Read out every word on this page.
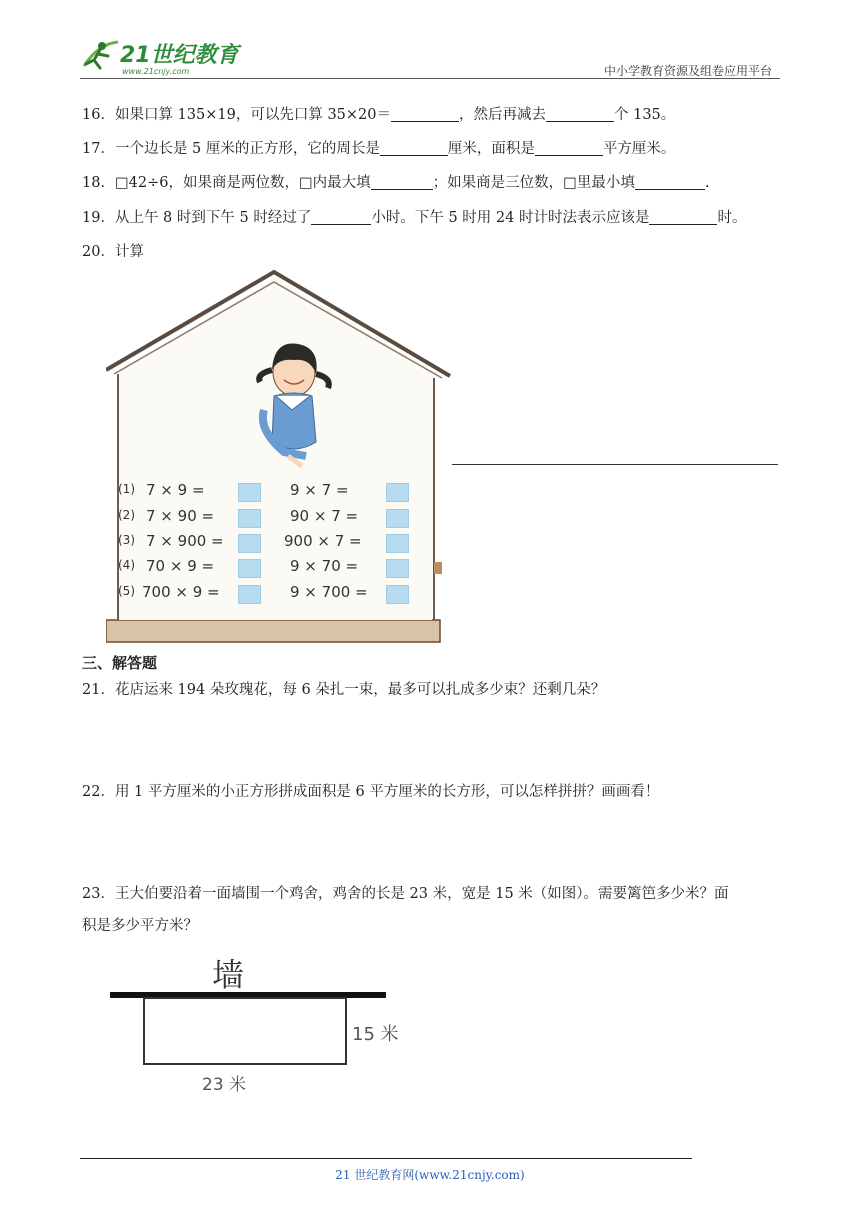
21世纪教育
www.21cnjy.com	中小学教育资源及组卷应用平台
16．如果口算 135×19，可以先口算 35×20＝	，然后再减去	个 135。
17．一个边长是 5 厘米的正方形，它的周长是	厘米，面积是	平方厘米。
18．□42÷6，如果商是两位数，□内最大填	；如果商是三位数，□里最小填	.
19．从上午 8 时到下午 5 时经过了	小时。下午 5 时用 24 时计时法表示应该是	时。
20．计算
(1) 7 × 9 =	9 × 7 =
(2) 7 × 90 =	90 × 7 =
(3) 7 × 900 =	900 × 7 =
(4) 70 × 9 =	9 × 70 =
(5) 700 × 9 =	9 × 700 =
三、解答题
21．花店运来 194 朵玫瑰花，每 6 朵扎一束，最多可以扎成多少束？还剩几朵？
22．用 1 平方厘米的小正方形拼成面积是 6 平方厘米的长方形，可以怎样拼拼？画画看！
23．王大伯要沿着一面墙围一个鸡舍，鸡舍的长是 23 米，宽是 15 米（如图）。需要篱笆多少米？面
积是多少平方米？
墙
15 米
23 米
21 世纪教育网(www.21cnjy.com)
